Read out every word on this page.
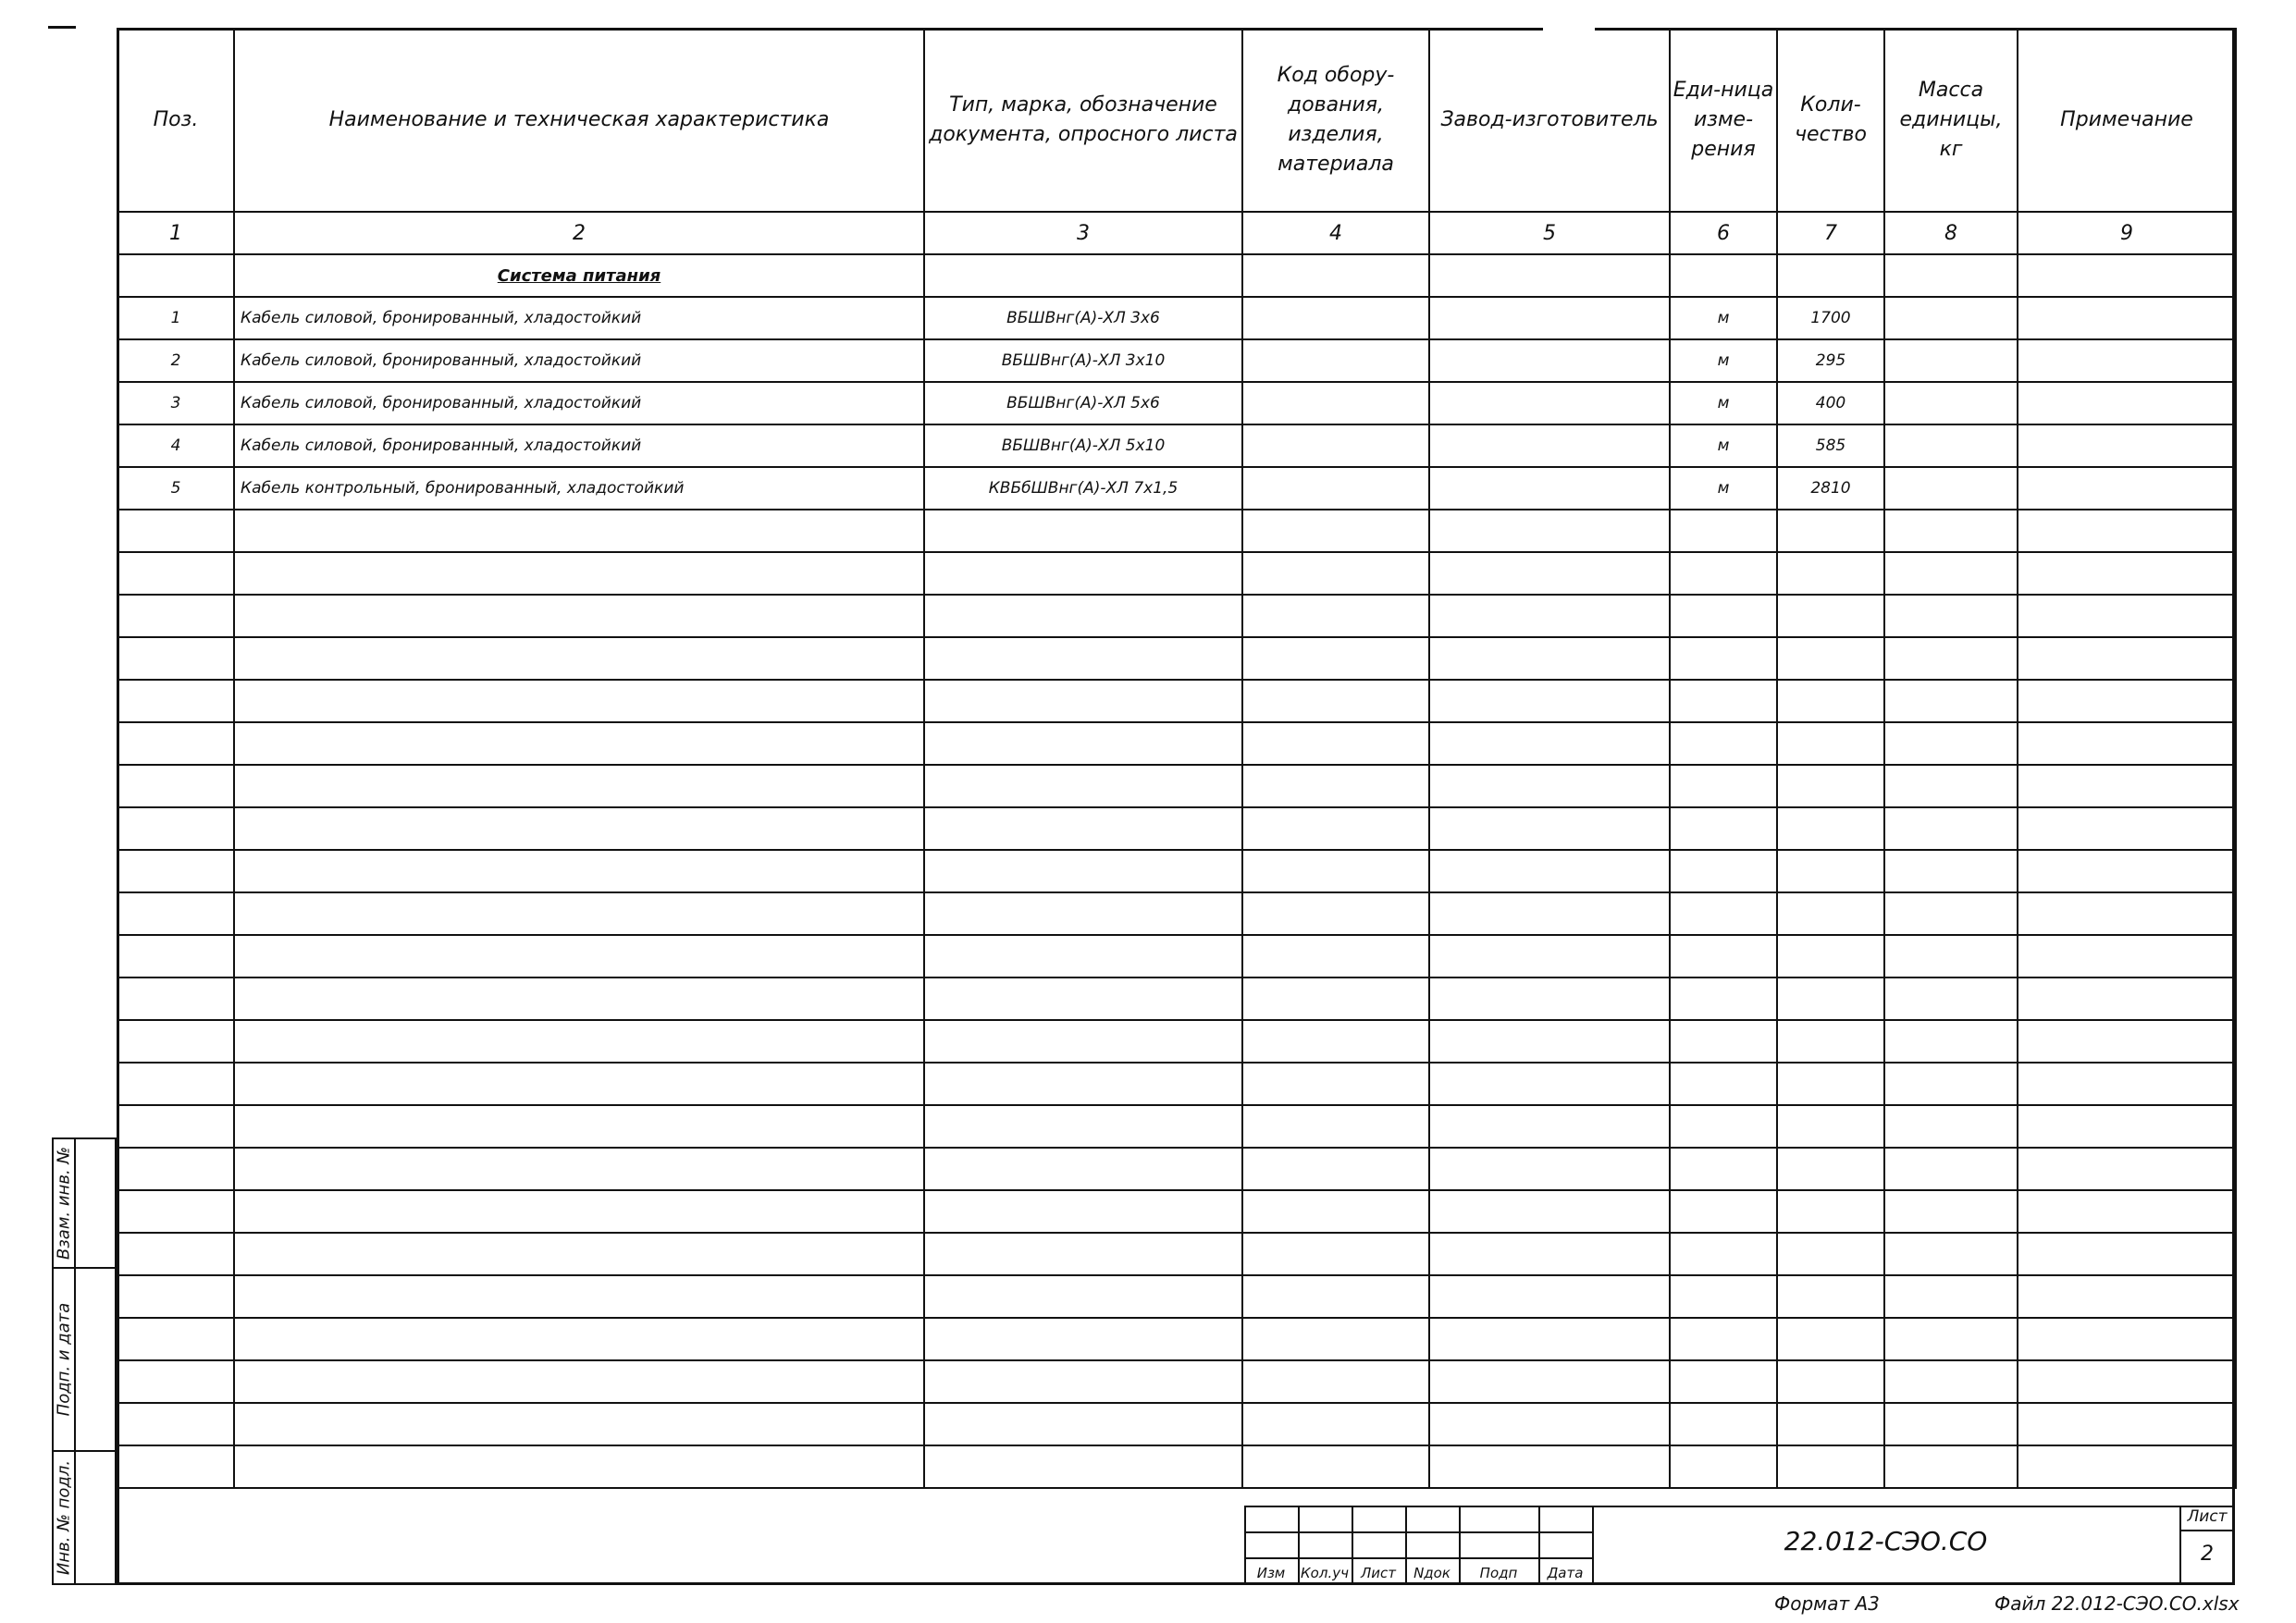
Поз.	Наименование и техническая характеристика	Тип, марка, обозначение документа, опросного листа	Код обору-дования, изделия, материала	Завод-изготовитель	Еди-ница изме-рения	Коли-чество	Масса единицы, кг	Примечание
1	2	3	4	5	6	7	8	9
	Система питания							
1	Кабель силовой, бронированный, хладостойкий	ВБШВнг(А)-ХЛ 3х6			м	1700		
2	Кабель силовой, бронированный, хладостойкий	ВБШВнг(А)-ХЛ 3х10			м	295		
3	Кабель силовой, бронированный, хладостойкий	ВБШВнг(А)-ХЛ 5х6			м	400		
4	Кабель силовой, бронированный, хладостойкий	ВБШВнг(А)-ХЛ 5х10			м	585		
5	Кабель контрольный, бронированный, хладостойкий	КВБбШВнг(А)-ХЛ 7х1,5			м	2810		

Взам. инв. №
Подп. и дата
Инв. № подл.	Изм	Кол.уч Лист	Nдок	Подп	Дата
22.012-СЭО.СО
Лист
2
Формат А3	Файл 22.012-СЭО.СО.xlsx
